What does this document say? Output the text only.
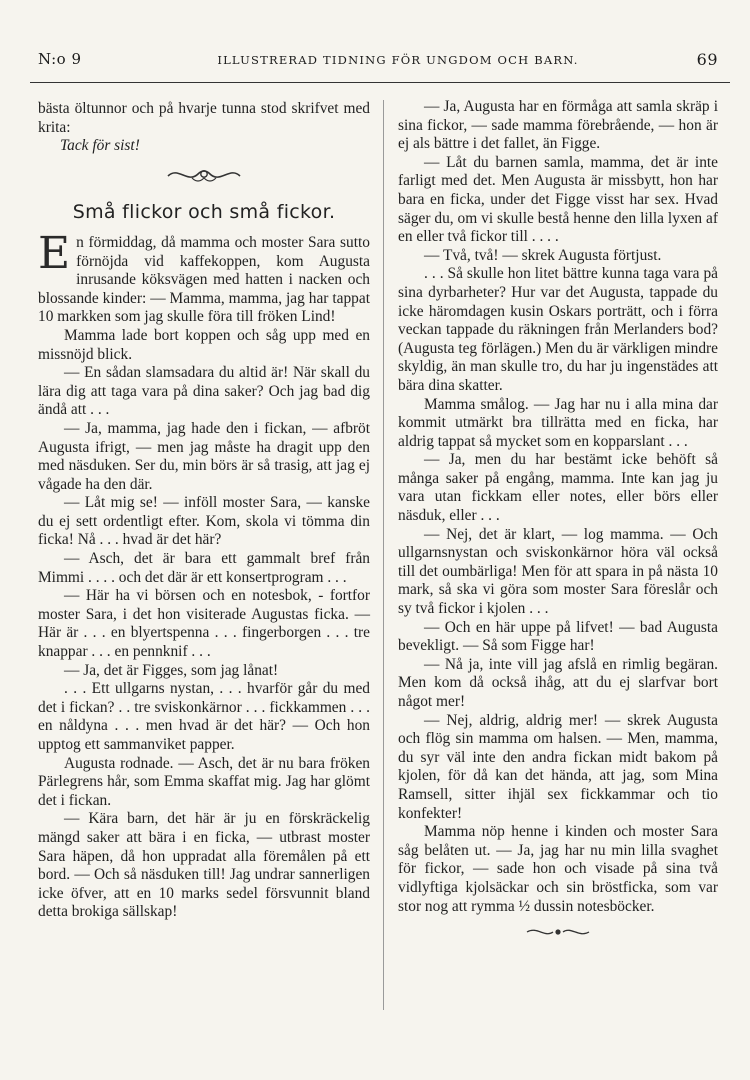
N:o 9	ILLUSTRERAD TIDNING FÖR UNGDOM OCH BARN.	69

bästa öltunnor och på hvarje tunna stod skrifvet med krita:

Tack för sist!

Små flickor och små fickor.

En förmiddag, då mamma och moster Sara sutto förnöjda vid kaffekoppen, kom Augusta inrusande köksvägen med hatten i nacken och blossande kinder: — Mamma, mamma, jag har tappat 10 markken som jag skulle föra till fröken Lind!

Mamma lade bort koppen och såg upp med en missnöjd blick.

— En sådan slamsadara du altid är! När skall du lära dig att taga vara på dina saker? Och jag bad dig ändå att . . .

— Ja, mamma, jag hade den i fickan, — afbröt Augusta ifrigt, — men jag måste ha dragit upp den med näsduken. Ser du, min börs är så trasig, att jag ej vågade ha den där.

— Låt mig se! — inföll moster Sara, — kanske du ej sett ordentligt efter. Kom, skola vi tömma din ficka! Nå . . . hvad är det här?

— Asch, det är bara ett gammalt bref från Mimmi . . . . och det där är ett konsertprogram . . .

— Här ha vi börsen och en notesbok, - fortfor moster Sara, i det hon visiterade Augustas ficka. — Här är . . . en blyertspenna . . . fingerborgen . . . tre knappar . . . en pennknif . . .

— Ja, det är Figges, som jag lånat!

. . . Ett ullgarns nystan, . . . hvarför går du med det i fickan? . . tre sviskonkärnor . . . fickkammen . . . en nåldyna . . . men hvad är det här? — Och hon upptog ett sammanviket papper.

Augusta rodnade. — Asch, det är nu bara fröken Pärlegrens hår, som Emma skaffat mig. Jag har glömt det i fickan.

— Kära barn, det här är ju en förskräckelig mängd saker att bära i en ficka, — utbrast moster Sara häpen, då hon uppradat alla föremålen på ett bord. — Och så näsduken till! Jag undrar sannerligen icke öfver, att en 10 marks sedel försvunnit bland detta brokiga sällskap!

— Ja, Augusta har en förmåga att samla skräp i sina fickor, — sade mamma förebrående, — hon är ej als bättre i det fallet, än Figge.

— Låt du barnen samla, mamma, det är inte farligt med det. Men Augusta är missbytt, hon har bara en ficka, under det Figge visst har sex. Hvad säger du, om vi skulle bestå henne den lilla lyxen af en eller två fickor till . . . .

— Två, två! — skrek Augusta förtjust.

. . . Så skulle hon litet bättre kunna taga vara på sina dyrbarheter? Hur var det Augusta, tappade du icke häromdagen kusin Oskars porträtt, och i förra veckan tappade du räkningen från Merlanders bod? (Augusta teg förlägen.) Men du är värkligen mindre skyldig, än man skulle tro, du har ju ingenstädes att bära dina skatter.

Mamma smålog. — Jag har nu i alla mina dar kommit utmärkt bra tillrätta med en ficka, har aldrig tappat så mycket som en kopparslant . . .

— Ja, men du har bestämt icke behöft så många saker på engång, mamma. Inte kan jag ju vara utan fickkam eller notes, eller börs eller näsduk, eller . . .

— Nej, det är klart, — log mamma. — Och ullgarnsnystan och sviskonkärnor höra väl också till det oumbärliga! Men för att spara in på nästa 10 mark, så ska vi göra som moster Sara föreslår och sy två fickor i kjolen . . .

— Och en här uppe på lifvet! — bad Augusta bevekligt. — Så som Figge har!

— Nå ja, inte vill jag afslå en rimlig begäran. Men kom då också ihåg, att du ej slarfvar bort något mer!

— Nej, aldrig, aldrig mer! — skrek Augusta och flög sin mamma om halsen. — Men, mamma, du syr väl inte den andra fickan midt bakom på kjolen, för då kan det hända, att jag, som Mina Ramsell, sitter ihjäl sex fickkammar och tio konfekter!

Mamma nöp henne i kinden och moster Sara såg belåten ut. — Ja, jag har nu min lilla svaghet för fickor, — sade hon och visade på sina två vidlyftiga kjolsäckar och sin bröstficka, som var stor nog att rymma ½ dussin notesböcker.
